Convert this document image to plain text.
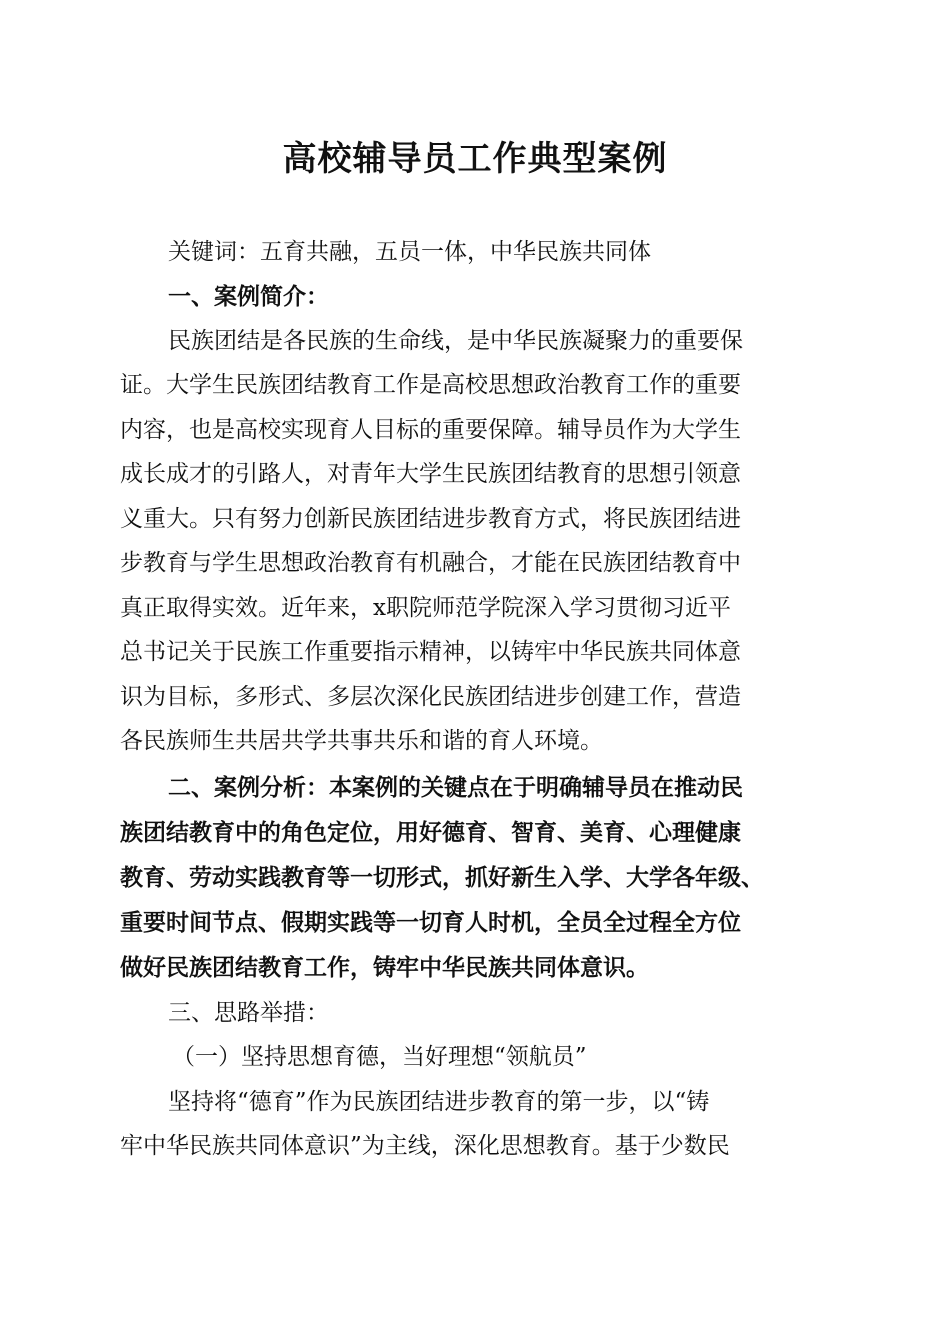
高校辅导员工作典型案例
关键词：五育共融，五员一体，中华民族共同体
一、案例简介：
民族团结是各民族的生命线，是中华民族凝聚力的重要保
证。大学生民族团结教育工作是高校思想政治教育工作的重要
内容，也是高校实现育人目标的重要保障。辅导员作为大学生
成长成才的引路人，对青年大学生民族团结教育的思想引领意
义重大。只有努力创新民族团结进步教育方式，将民族团结进
步教育与学生思想政治教育有机融合，才能在民族团结教育中
真正取得实效。近年来，x职院师范学院深入学习贯彻习近平
总书记关于民族工作重要指示精神，以铸牢中华民族共同体意
识为目标，多形式、多层次深化民族团结进步创建工作，营造
各民族师生共居共学共事共乐和谐的育人环境。
二、案例分析：本案例的关键点在于明确辅导员在推动民
族团结教育中的角色定位，用好德育、智育、美育、心理健康
教育、劳动实践教育等一切形式，抓好新生入学、大学各年级、
重要时间节点、假期实践等一切育人时机，全员全过程全方位
做好民族团结教育工作，铸牢中华民族共同体意识。
三、思路举措：
（一）坚持思想育德，当好理想“领航员”
坚持将“德育”作为民族团结进步教育的第一步，以“铸
牢中华民族共同体意识”为主线，深化思想教育。基于少数民
